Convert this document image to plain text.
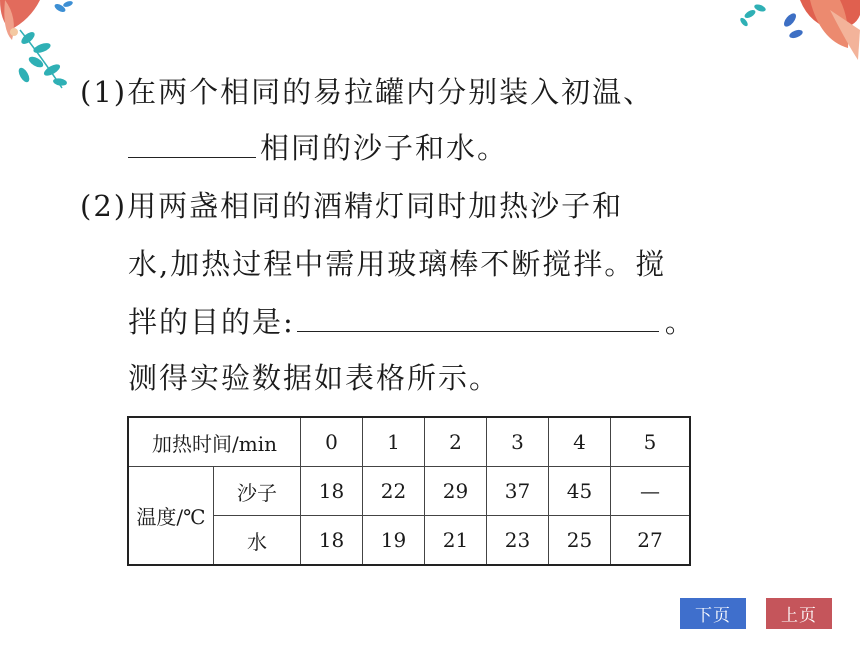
(1)在两个相同的易拉罐内分别装入初温、
相同的沙子和水。
(2)用两盏相同的酒精灯同时加热沙子和
水,加热过程中需用玻璃棒不断搅拌。搅
拌的目的是:	。
测得实验数据如表格所示。
加热时间/min		0	1	2	3	4	5
温度/℃	沙子	18	22	29	37	45	—
	水	18	19	21	23	25	27
下页	上页
